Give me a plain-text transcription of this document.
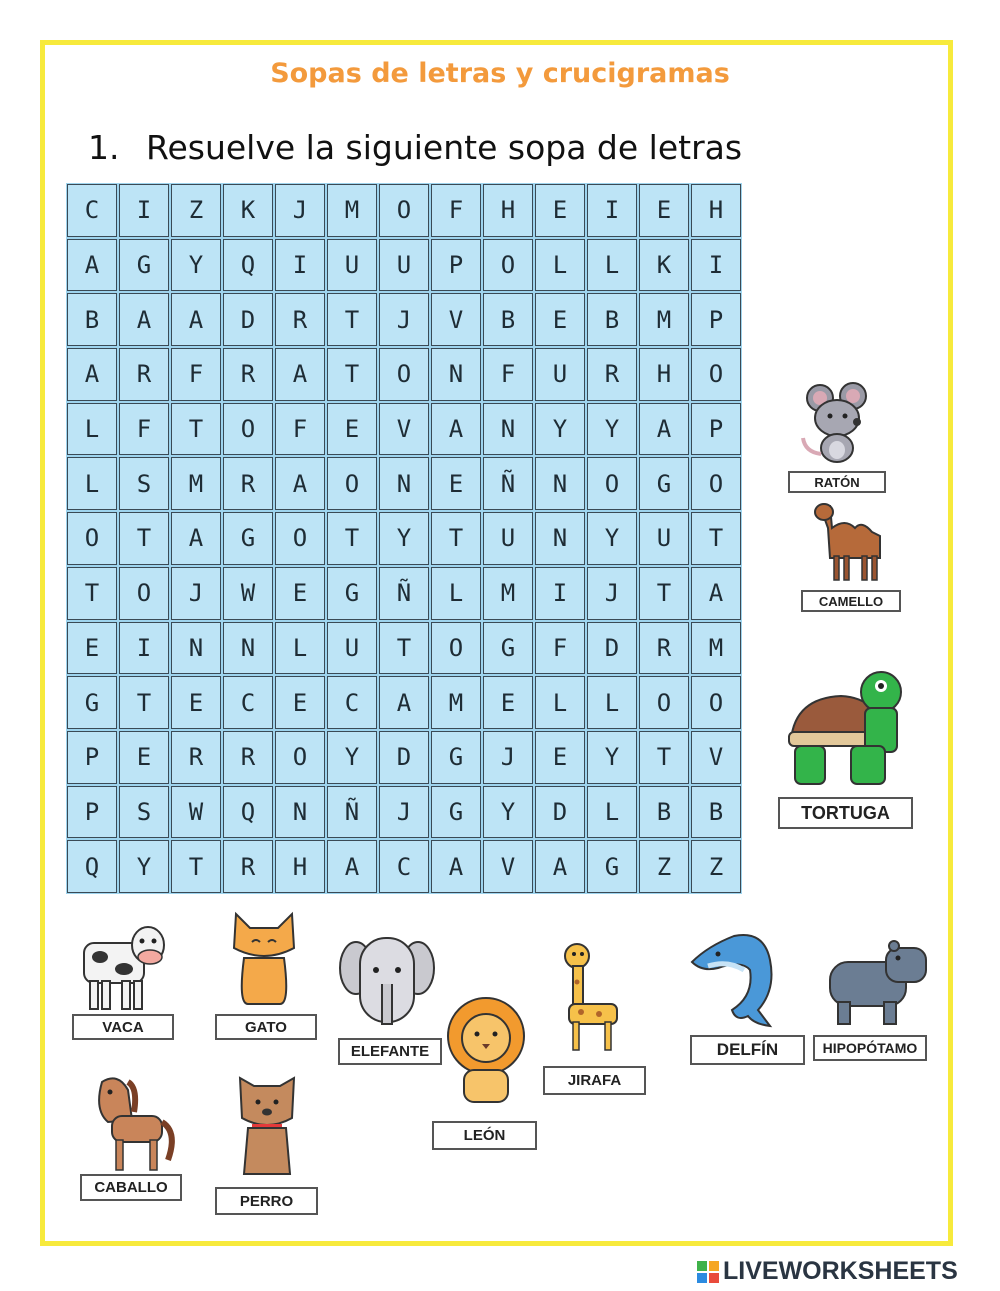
Sopas de letras y crucigramas
1. Resuelve la siguiente sopa de letras
C	I	Z	K	J	M	O	F	H	E	I	E	H
A	G	Y	Q	I	U	U	P	O	L	L	K	I
B	A	A	D	R	T	J	V	B	E	B	M	P
A	R	F	R	A	T	O	N	F	U	R	H	O
L	F	T	O	F	E	V	A	N	Y	Y	A	P
L	S	M	R	A	O	N	E	Ñ	N	O	G	O
O	T	A	G	O	T	Y	T	U	N	Y	U	T
T	O	J	W	E	G	Ñ	L	M	I	J	T	A
E	I	N	N	L	U	T	O	G	F	D	R	M
G	T	E	C	E	C	A	M	E	L	L	O	O
P	E	R	R	O	Y	D	G	J	E	Y	T	V
P	S	W	Q	N	Ñ	J	G	Y	D	L	B	B
Q	Y	T	R	H	A	C	A	V	A	G	Z	Z
RATÓN
CAMELLO
TORTUGA
VACA	GATO
ELEFANTE
LEÓN
JIRAFA
DELFÍN	HIPOPÓTAMO
CABALLO
PERRO
LIVEWORKSHEETS
